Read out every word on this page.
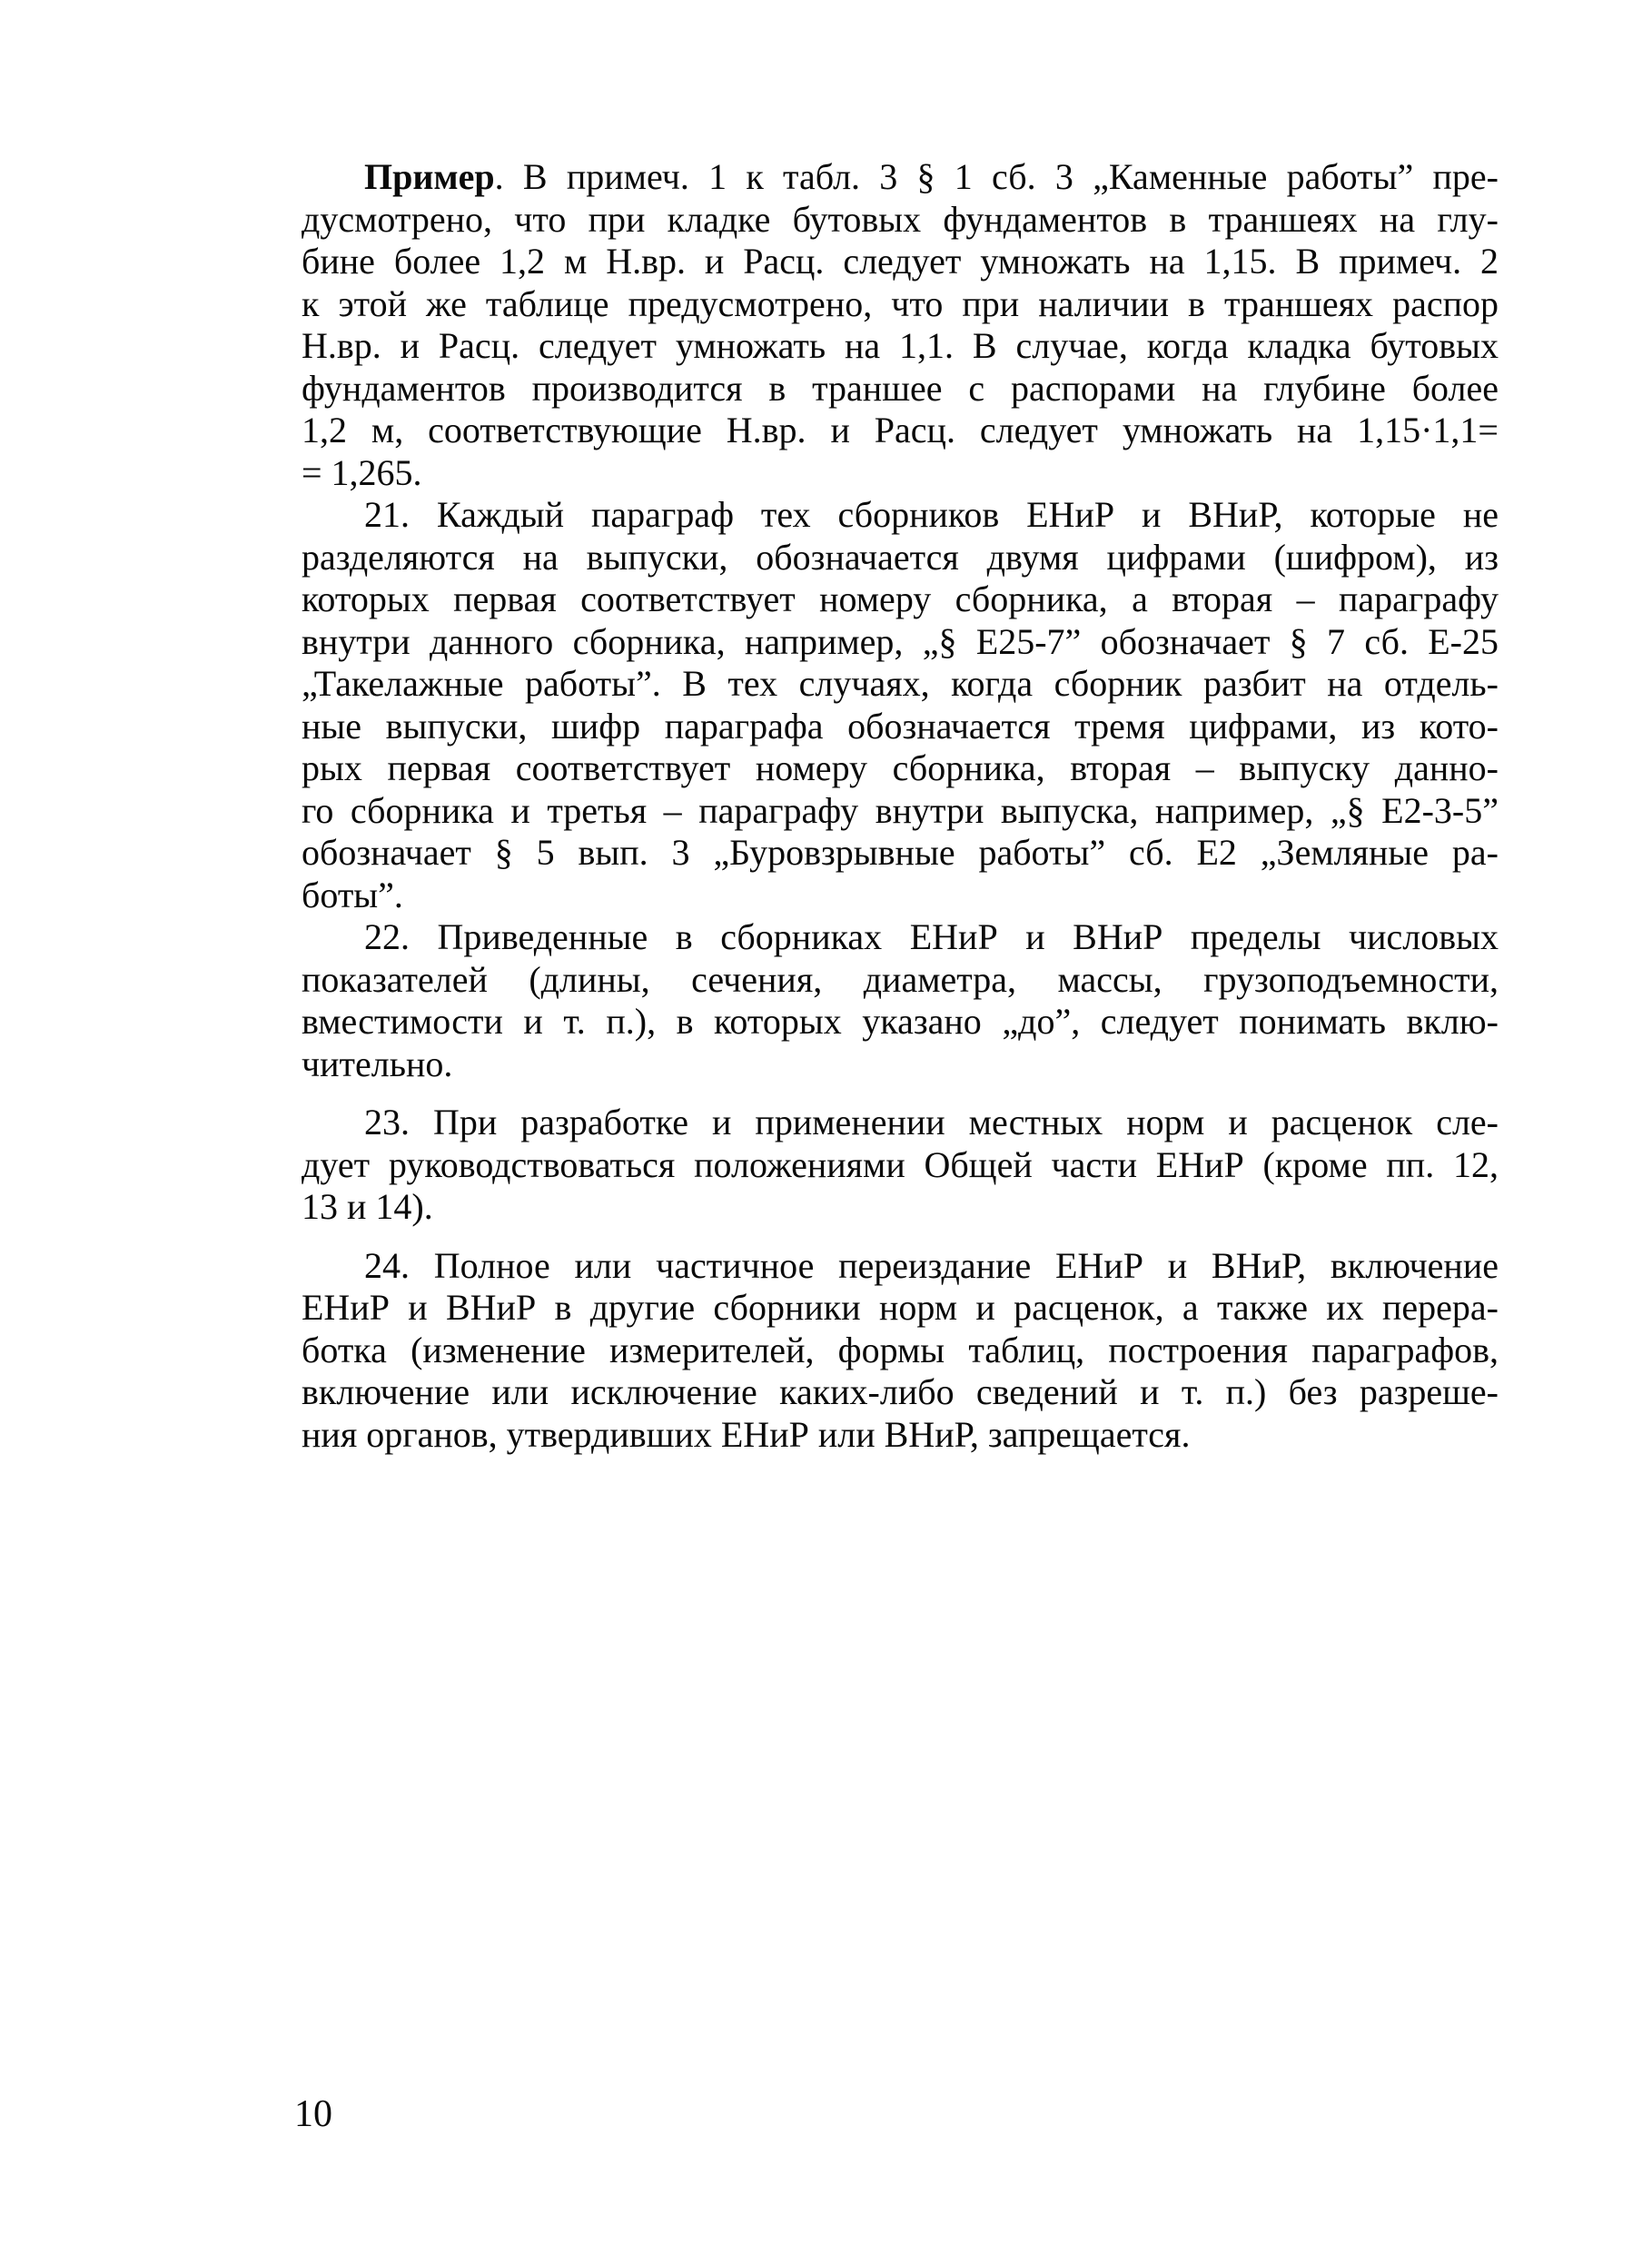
Пример. В примеч. 1 к табл. 3 § 1 сб. 3 „Каменные работы” пре-
дусмотрено, что при кладке бутовых фундаментов в траншеях на глу-
бине более 1,2 м Н.вр. и Расц. следует умножать на 1,15. В примеч. 2
к этой же таблице предусмотрено, что при наличии в траншеях распор
Н.вр. и Расц. следует умножать на 1,1. В случае, когда кладка бутовых
фундаментов производится в траншее с распорами на глубине более
1,2 м, соответствующие Н.вр. и Расц. следует умножать на 1,15·1,1=
= 1,265.
21. Каждый параграф тех сборников ЕНиР и ВНиР, которые не
разделяются на выпуски, обозначается двумя цифрами (шифром), из
которых первая соответствует номеру сборника, а вторая – параграфу
внутри данного сборника, например, „§ Е25-7” обозначает § 7 сб. Е-25
„Такелажные работы”. В тех случаях, когда сборник разбит на отдель-
ные выпуски, шифр параграфа обозначается тремя цифрами, из кото-
рых первая соответствует номеру сборника, вторая – выпуску данно-
го сборника и третья – параграфу внутри выпуска, например, „§ Е2-3-5”
обозначает § 5 вып. 3 „Буровзрывные работы” сб. Е2 „Земляные ра-
боты”.
22. Приведенные в сборниках ЕНиР и ВНиР пределы числовых
показателей (длины, сечения, диаметра, массы, грузоподъемности,
вместимости и т. п.), в которых указано „до”, следует понимать вклю-
чительно.
23. При разработке и применении местных норм и расценок сле-
дует руководствоваться положениями Общей части ЕНиР (кроме пп. 12,
13 и 14).
24. Полное или частичное переиздание ЕНиР и ВНиР, включение
ЕНиР и ВНиР в другие сборники норм и расценок, а также их перера-
ботка (изменение измерителей, формы таблиц, построения параграфов,
включение или исключение каких-либо сведений и т. п.) без разреше-
ния органов, утвердивших ЕНиР или ВНиР, запрещается.
10
